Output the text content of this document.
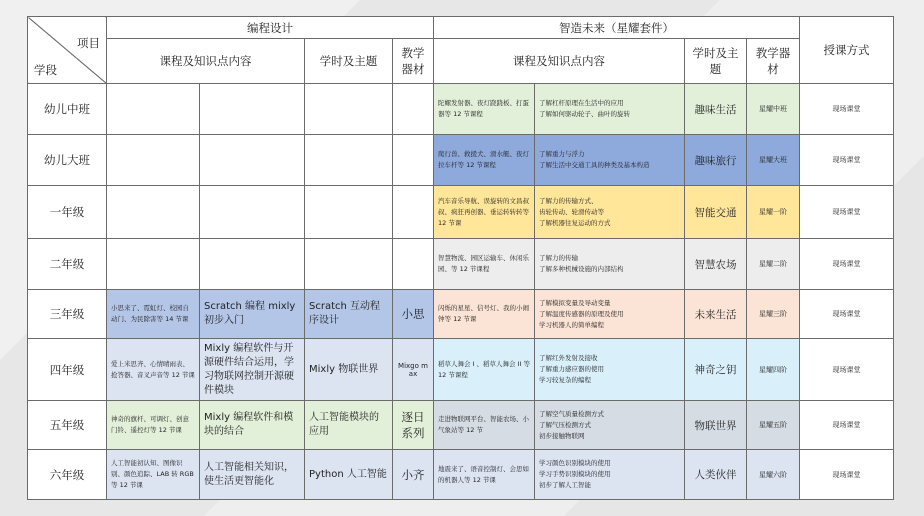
项目
学段	编程设计				智造未来（星耀套件）				授课方式
	课程及知识点内容		学时及主题	教学器材	课程及知识点内容		学时及主题	教学器材	
幼儿中班					陀螺发射器、夜灯跷跷板、打蛋器等 12 节课程	了解杠杆原理在生活中的应用
了解如何驱动轮子、曲叶的旋转	趣味生活	星耀中班	现场课堂
幼儿大班					爬行兽、救援犬、滑水艇、夜灯拉车杆等 12 节课程	了解重力与浮力
了解生活中交通工具的种类及基本构造	趣味旅行	星耀大班	现场课堂
一年级					汽车音乐导航、误旋转的文昌叔叔、疯狂再创器、垂运转转转等 12 节课	了解力的传输方式、
齿轮传动、轮滑传动等
了解机器往复运动的方式	智能交通	星耀一阶	现场课堂
二年级					智慧物流、园区运输车、休闲乐园、等 12 节课程	了解力的传输
了解多种机械设施的内部结构	智慧农场	星耀二阶	现场课堂
三年级	小思来了、霓虹灯、校园自动门、为民除害等 14 节课	Scratch 编程 mixly 初步入门	Scratch 互动程序设计	小思	闪烁的星星、信号灯、我的小闹钟等 12 节课	了解模拟变量及导动变量
了解温度传感器的原理及使用
学习机器人的简单编程	未来生活	星耀三阶	现场课堂
四年级	爱上米思齐、心情晴雨表、抢答器、音叉声音等 12 节课	Mixly 编程软件与开源硬件结合运用，学习物联网控制开源硬件模块	Mixly 物联世界	Mixgo max	稻草人舞会 I 、稻草人舞会 II 等 12 节课程	了解红外发射及接收
了解重力感应器的使用
学习较复杂的编程	神奇之钥	星耀四阶	现场课堂
五年级	神奇的旗杆、可调灯、创意门铃、遥控灯等 12 节课	Mixly 编程软件和模块的结合	人工智能模块的应用	逐日系列	走进物联网平台、智能农场、小气象站等 12 节	了解空气质量检测方式
了解气压检测方式
初步接触物联网	物联世界	星耀五阶	现场课堂
六年级	人工智能初认知、图像识别、颜色追踪、LAB 转 RGB 等 12 节课	人工智能相关知识，使生活更智能化	Python 人工智能	小齐	地震来了、语音控制灯、会思如的机器人等 12 节课	学习颜色识别模块的使用
学习手势识别模块的使用
初步了解人工智能	人类伙伴	星耀六阶	现场课堂
